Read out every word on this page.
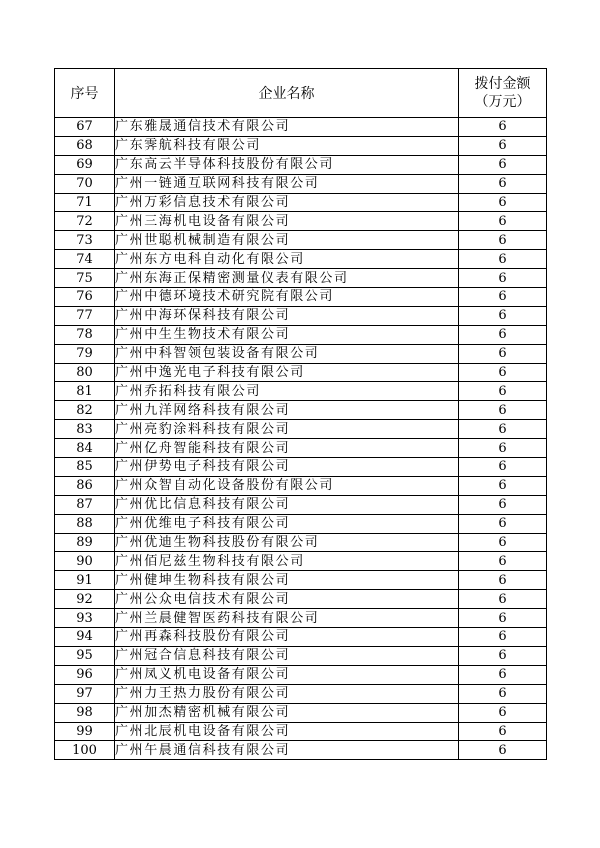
序号	企业名称	拨付金额
（万元）

67	广东雅晟通信技术有限公司	6
68	广东霁航科技有限公司	6
69	广东高云半导体科技股份有限公司	6
70	广州一链通互联网科技有限公司	6
71	广州万彩信息技术有限公司	6
72	广州三海机电设备有限公司	6
73	广州世聪机械制造有限公司	6
74	广州东方电科自动化有限公司	6
75	广州东海正保精密测量仪表有限公司	6
76	广州中德环境技术研究院有限公司	6
77	广州中海环保科技有限公司	6
78	广州中生生物技术有限公司	6
79	广州中科智领包装设备有限公司	6
80	广州中逸光电子科技有限公司	6
81	广州乔拓科技有限公司	6
82	广州九洋网络科技有限公司	6
83	广州亮豹涂料科技有限公司	6
84	广州亿舟智能科技有限公司	6
85	广州伊势电子科技有限公司	6
86	广州众智自动化设备股份有限公司	6
87	广州优比信息科技有限公司	6
88	广州优维电子科技有限公司	6
89	广州优迪生物科技股份有限公司	6
90	广州佰尼兹生物科技有限公司	6
91	广州健坤生物科技有限公司	6
92	广州公众电信技术有限公司	6
93	广州兰晨健智医药科技有限公司	6
94	广州再森科技股份有限公司	6
95	广州冠合信息科技有限公司	6
96	广州凤义机电设备有限公司	6
97	广州力王热力股份有限公司	6
98	广州加杰精密机械有限公司	6
99	广州北辰机电设备有限公司	6
100	广州午晨通信科技有限公司	6
